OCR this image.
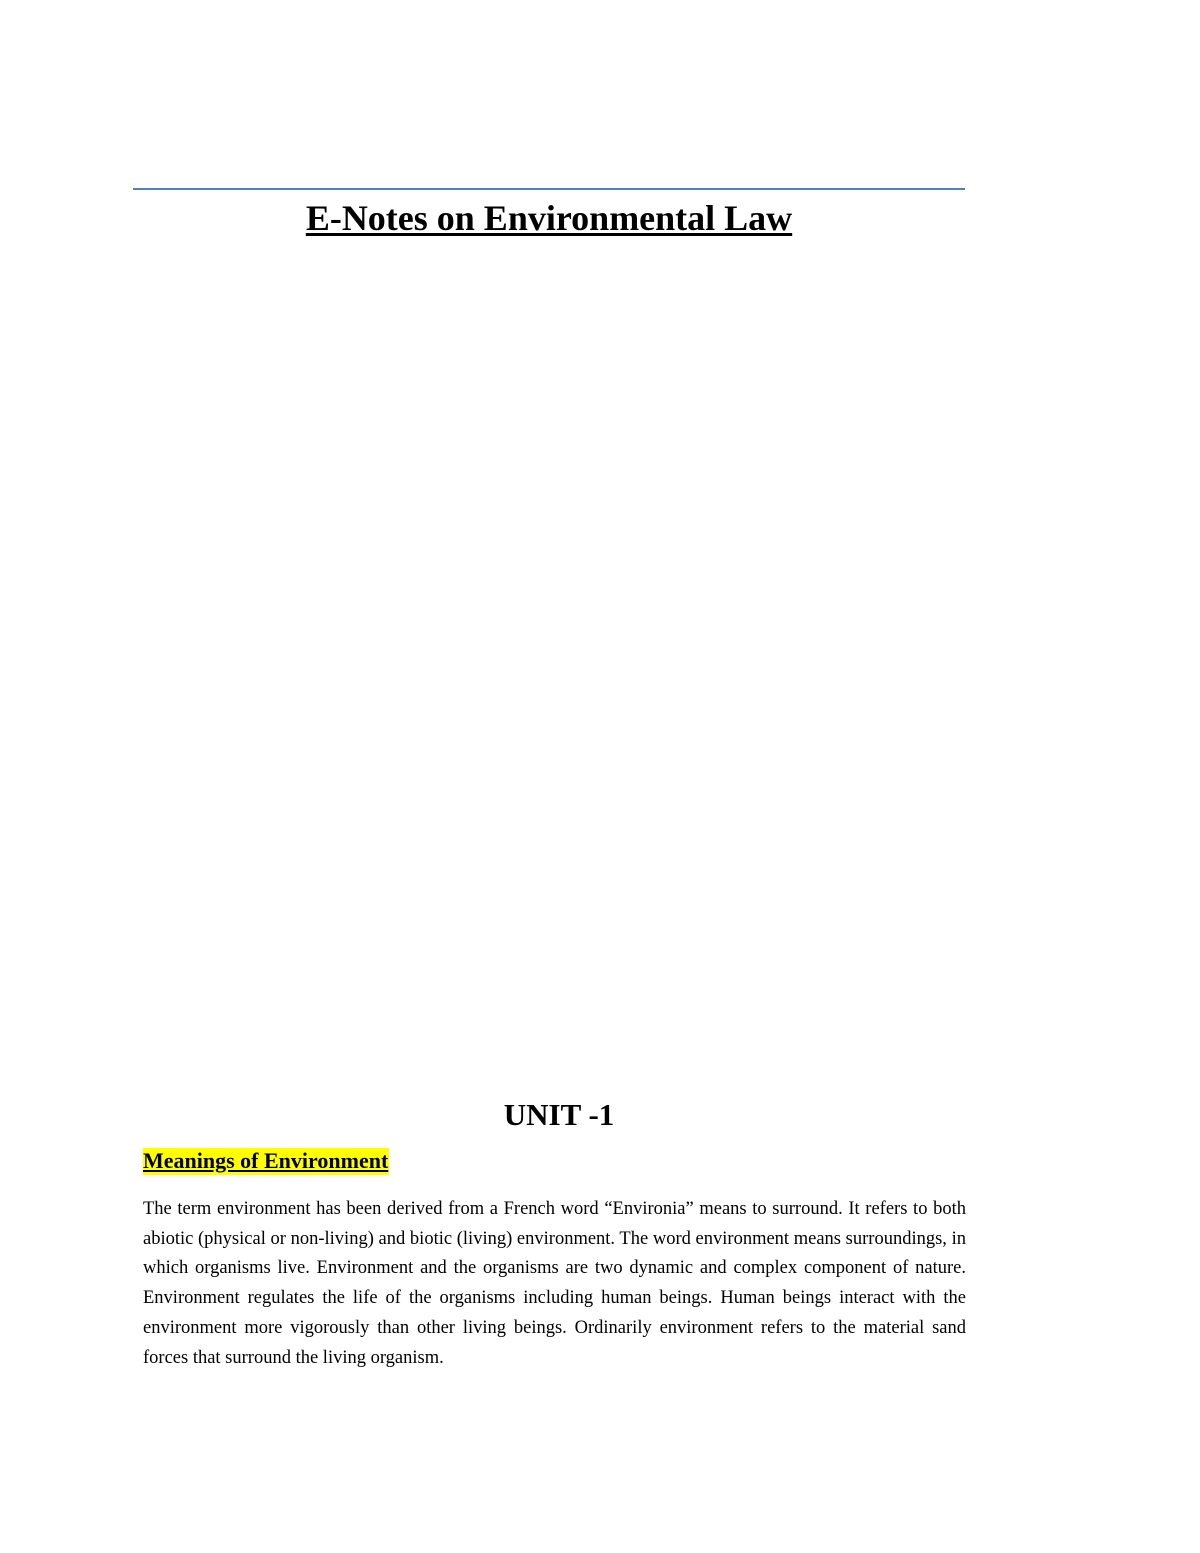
E-Notes on Environmental Law
UNIT -1
Meanings of Environment

The term environment has been derived from a French word “Environia” means to surround. It refers to both abiotic (physical or non-living) and biotic (living) environment. The word environment means surroundings, in which organisms live. Environment and the organisms are two dynamic and complex component of nature. Environment regulates the life of the organisms including human beings. Human beings interact with the environment more vigorously than other living beings. Ordinarily environment refers to the material sand forces that surround the living organism.
